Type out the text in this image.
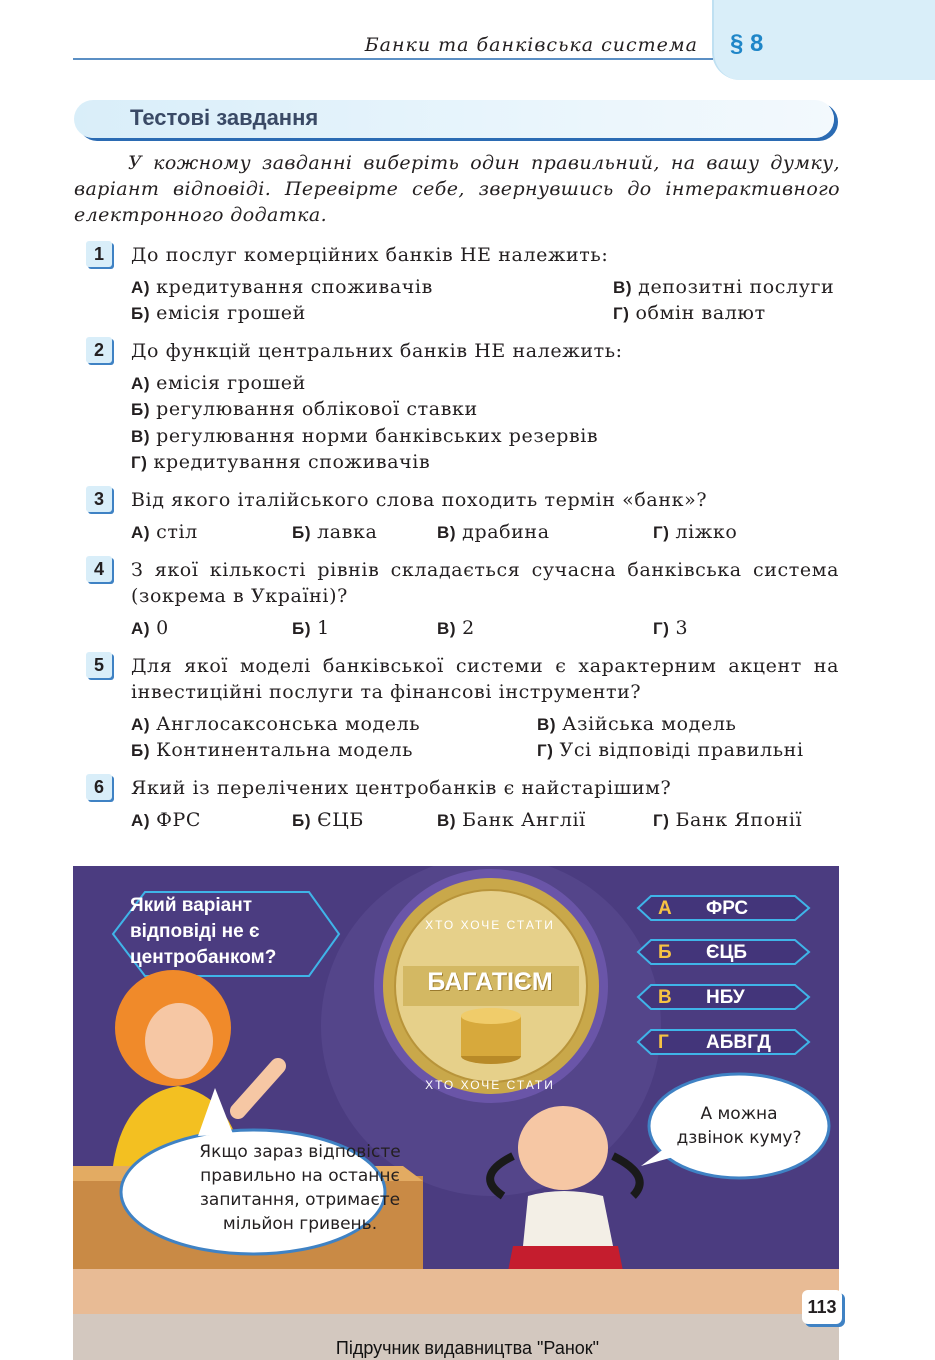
Банки та банківська система § 8
Тестові завдання
У кожному завданні виберіть один правильний, на вашу думку, варіант відповіді. Перевірте себе, звернувшись до інтерактивного електронного додатка.
1	До послуг комерційних банків НЕ належить:
А) кредитування споживачів
Б) емісія грошей
В) депозитні послуги
Г) обмін валют
2	До функцій центральних банків НЕ належить:
А) емісія грошей
Б) регулювання облікової ставки
В) регулювання норми банківських резервів
Г) кредитування споживачів
3	Від якого італійського слова походить термін «банк»?
А) стіл	Б) лавка	В) драбина	Г) ліжко
4	З якої кількості рівнів складається сучасна банківська система (зокрема в Україні)?
А) 0	Б) 1	В) 2	Г) 3
5	Для якої моделі банківської системи є характерним акцент на інвестиційні послуги та фінансові інструменти?
А) Англосаксонська модель
Б) Континентальна модель
В) Азійська модель
Г) Усі відповіді правильні
6	Який із перелічених центробанків є найстарішим?
А) ФРС	Б) ЄЦБ	В) Банк Англії	Г) Банк Японії
Який варіант відповіді не є центробанком?
ХТО ХОЧЕ СТАТИ
БАГАТІЄМ
ХТО ХОЧЕ СТАТИ
А ФРС
Б ЄЦБ
В НБУ
Г АБВГД
Якщо зараз відповісте правильно на останнє запитання, отримаєте мільйон гривень.
А можна дзвінок куму?
113
Підручник видавництва "Ранок"
